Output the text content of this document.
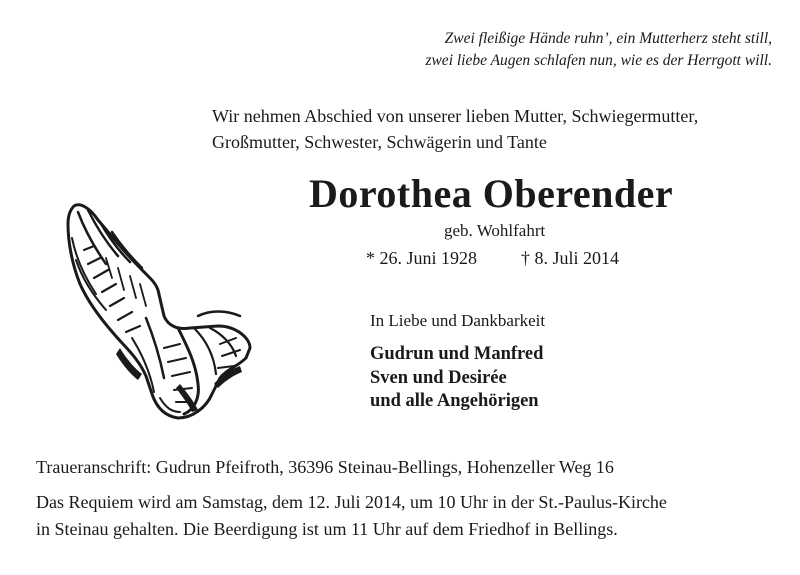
Zwei fleißige Hände ruhn’, ein Mutterherz steht still,
zwei liebe Augen schlafen nun, wie es der Herrgott will.
Wir nehmen Abschied von unserer lieben Mutter, Schwiegermutter,
Großmutter, Schwester, Schwägerin und Tante
Dorothea Oberender
geb. Wohlfahrt
* 26. Juni 1928 † 8. Juli 2014
In Liebe und Dankbarkeit
Gudrun und Manfred
Sven und Desirée
und alle Angehörigen
Traueranschrift: Gudrun Pfeifroth, 36396 Steinau-Bellings, Hohenzeller Weg 16
Das Requiem wird am Samstag, dem 12. Juli 2014, um 10 Uhr in der St.-Paulus-Kirche
in Steinau gehalten. Die Beerdigung ist um 11 Uhr auf dem Friedhof in Bellings.
